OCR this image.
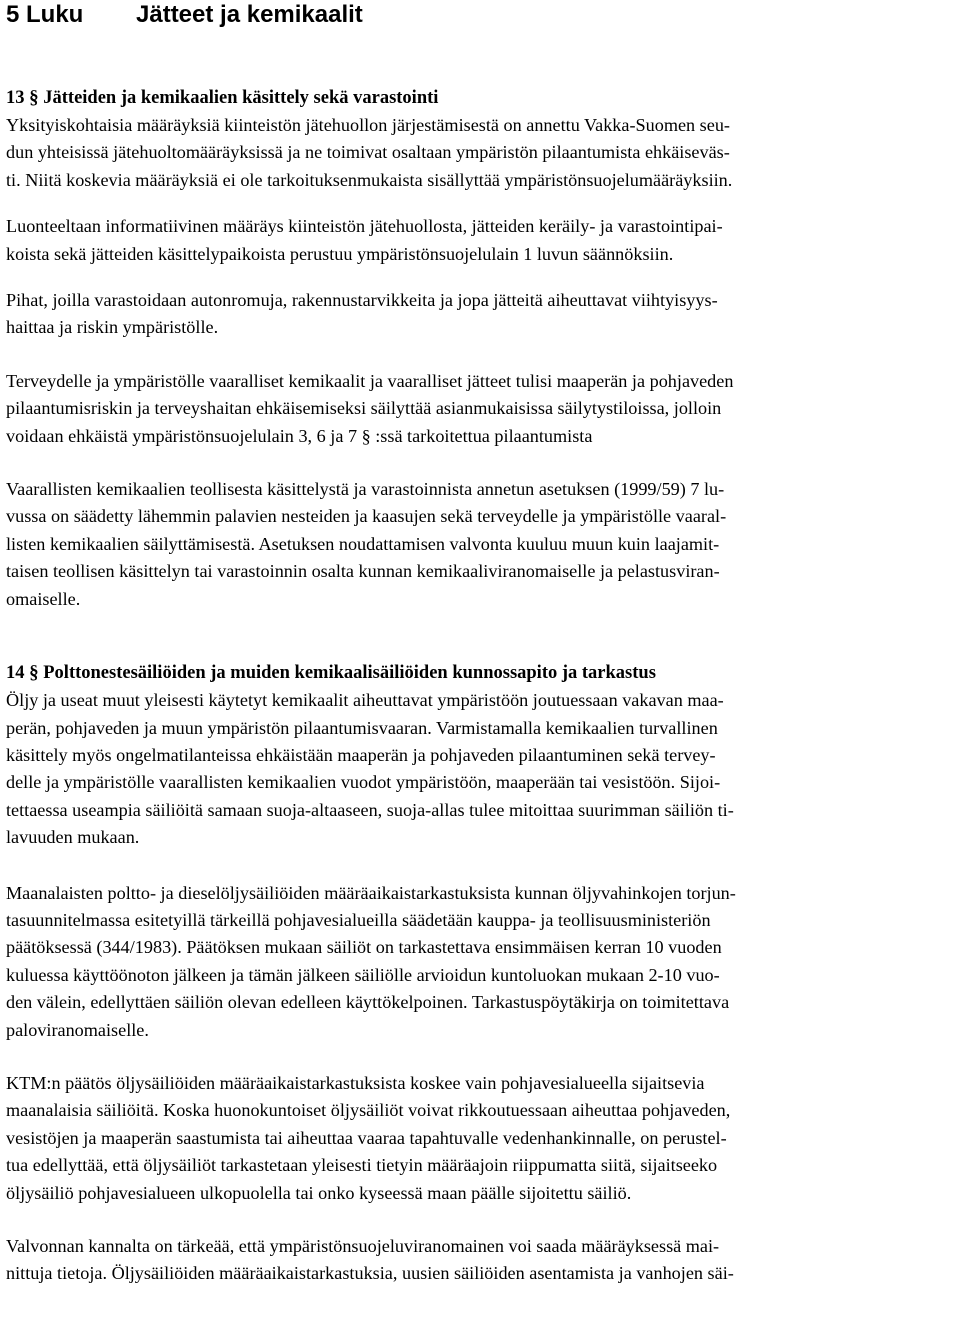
5 Luku Jätteet ja kemikaalit
13 § Jätteiden ja kemikaalien käsittely sekä varastointi

Yksityiskohtaisia määräyksiä kiinteistön jätehuollon järjestämisestä on annettu Vakka-Suomen seu-
dun yhteisissä jätehuoltomääräyksissä ja ne toimivat osaltaan ympäristön pilaantumista ehkäiseväs-
ti. Niitä koskevia määräyksiä ei ole tarkoituksenmukaista sisällyttää ympäristönsuojelumääräyksiin.

Luonteeltaan informatiivinen määräys kiinteistön jätehuollosta, jätteiden keräily- ja varastointipai-
koista sekä jätteiden käsittelypaikoista perustuu ympäristönsuojelulain 1 luvun säännöksiin.

Pihat, joilla varastoidaan autonromuja, rakennustarvikkeita ja jopa jätteitä aiheuttavat viihtyisyys-
haittaa ja riskin ympäristölle.

Terveydelle ja ympäristölle vaaralliset kemikaalit ja vaaralliset jätteet tulisi maaperän ja pohjaveden
pilaantumisriskin ja terveyshaitan ehkäisemiseksi säilyttää asianmukaisissa säilytystiloissa, jolloin
voidaan ehkäistä ympäristönsuojelulain 3, 6 ja 7 § :ssä tarkoitettua pilaantumista

Vaarallisten kemikaalien teollisesta käsittelystä ja varastoinnista annetun asetuksen (1999/59) 7 lu-
vussa on säädetty lähemmin palavien nesteiden ja kaasujen sekä terveydelle ja ympäristölle vaaral-
listen kemikaalien säilyttämisestä. Asetuksen noudattamisen valvonta kuuluu muun kuin laajamit-
taisen teollisen käsittelyn tai varastoinnin osalta kunnan kemikaaliviranomaiselle ja pelastusviran-
omaiselle.

14 § Polttonestesäiliöiden ja muiden kemikaalisäiliöiden kunnossapito ja tarkastus

Öljy ja useat muut yleisesti käytetyt kemikaalit aiheuttavat ympäristöön joutuessaan vakavan maa-
perän, pohjaveden ja muun ympäristön pilaantumisvaaran. Varmistamalla kemikaalien turvallinen
käsittely myös ongelmatilanteissa ehkäistään maaperän ja pohjaveden pilaantuminen sekä tervey-
delle ja ympäristölle vaarallisten kemikaalien vuodot ympäristöön, maaperään tai vesistöön. Sijoi-
tettaessa useampia säiliöitä samaan suoja-altaaseen, suoja-allas tulee mitoittaa suurimman säiliön ti-
lavuuden mukaan.

Maanalaisten poltto- ja dieselöljysäiliöiden määräaikaistarkastuksista kunnan öljyvahinkojen torjun-
tasuunnitelmassa esitetyillä tärkeillä pohjavesialueilla säädetään kauppa- ja teollisuusministeriön
päätöksessä (344/1983). Päätöksen mukaan säiliöt on tarkastettava ensimmäisen kerran 10 vuoden
kuluessa käyttöönoton jälkeen ja tämän jälkeen säiliölle arvioidun kuntoluokan mukaan 2-10 vuo-
den välein, edellyttäen säiliön olevan edelleen käyttökelpoinen. Tarkastuspöytäkirja on toimitettava
paloviranomaiselle.

KTM:n päätös öljysäiliöiden määräaikaistarkastuksista koskee vain pohjavesialueella sijaitsevia
maanalaisia säiliöitä. Koska huonokuntoiset öljysäiliöt voivat rikkoutuessaan aiheuttaa pohjaveden,
vesistöjen ja maaperän saastumista tai aiheuttaa vaaraa tapahtuvalle vedenhankinnalle, on perustel-
tua edellyttää, että öljysäiliöt tarkastetaan yleisesti tietyin määräajoin riippumatta siitä, sijaitseeko
öljysäiliö pohjavesialueen ulkopuolella tai onko kyseessä maan päälle sijoitettu säiliö.

Valvonnan kannalta on tärkeää, että ympäristönsuojeluviranomainen voi saada määräyksessä mai-
nittuja tietoja. Öljysäiliöiden määräaikaistarkastuksia, uusien säiliöiden asentamista ja vanhojen säi-
